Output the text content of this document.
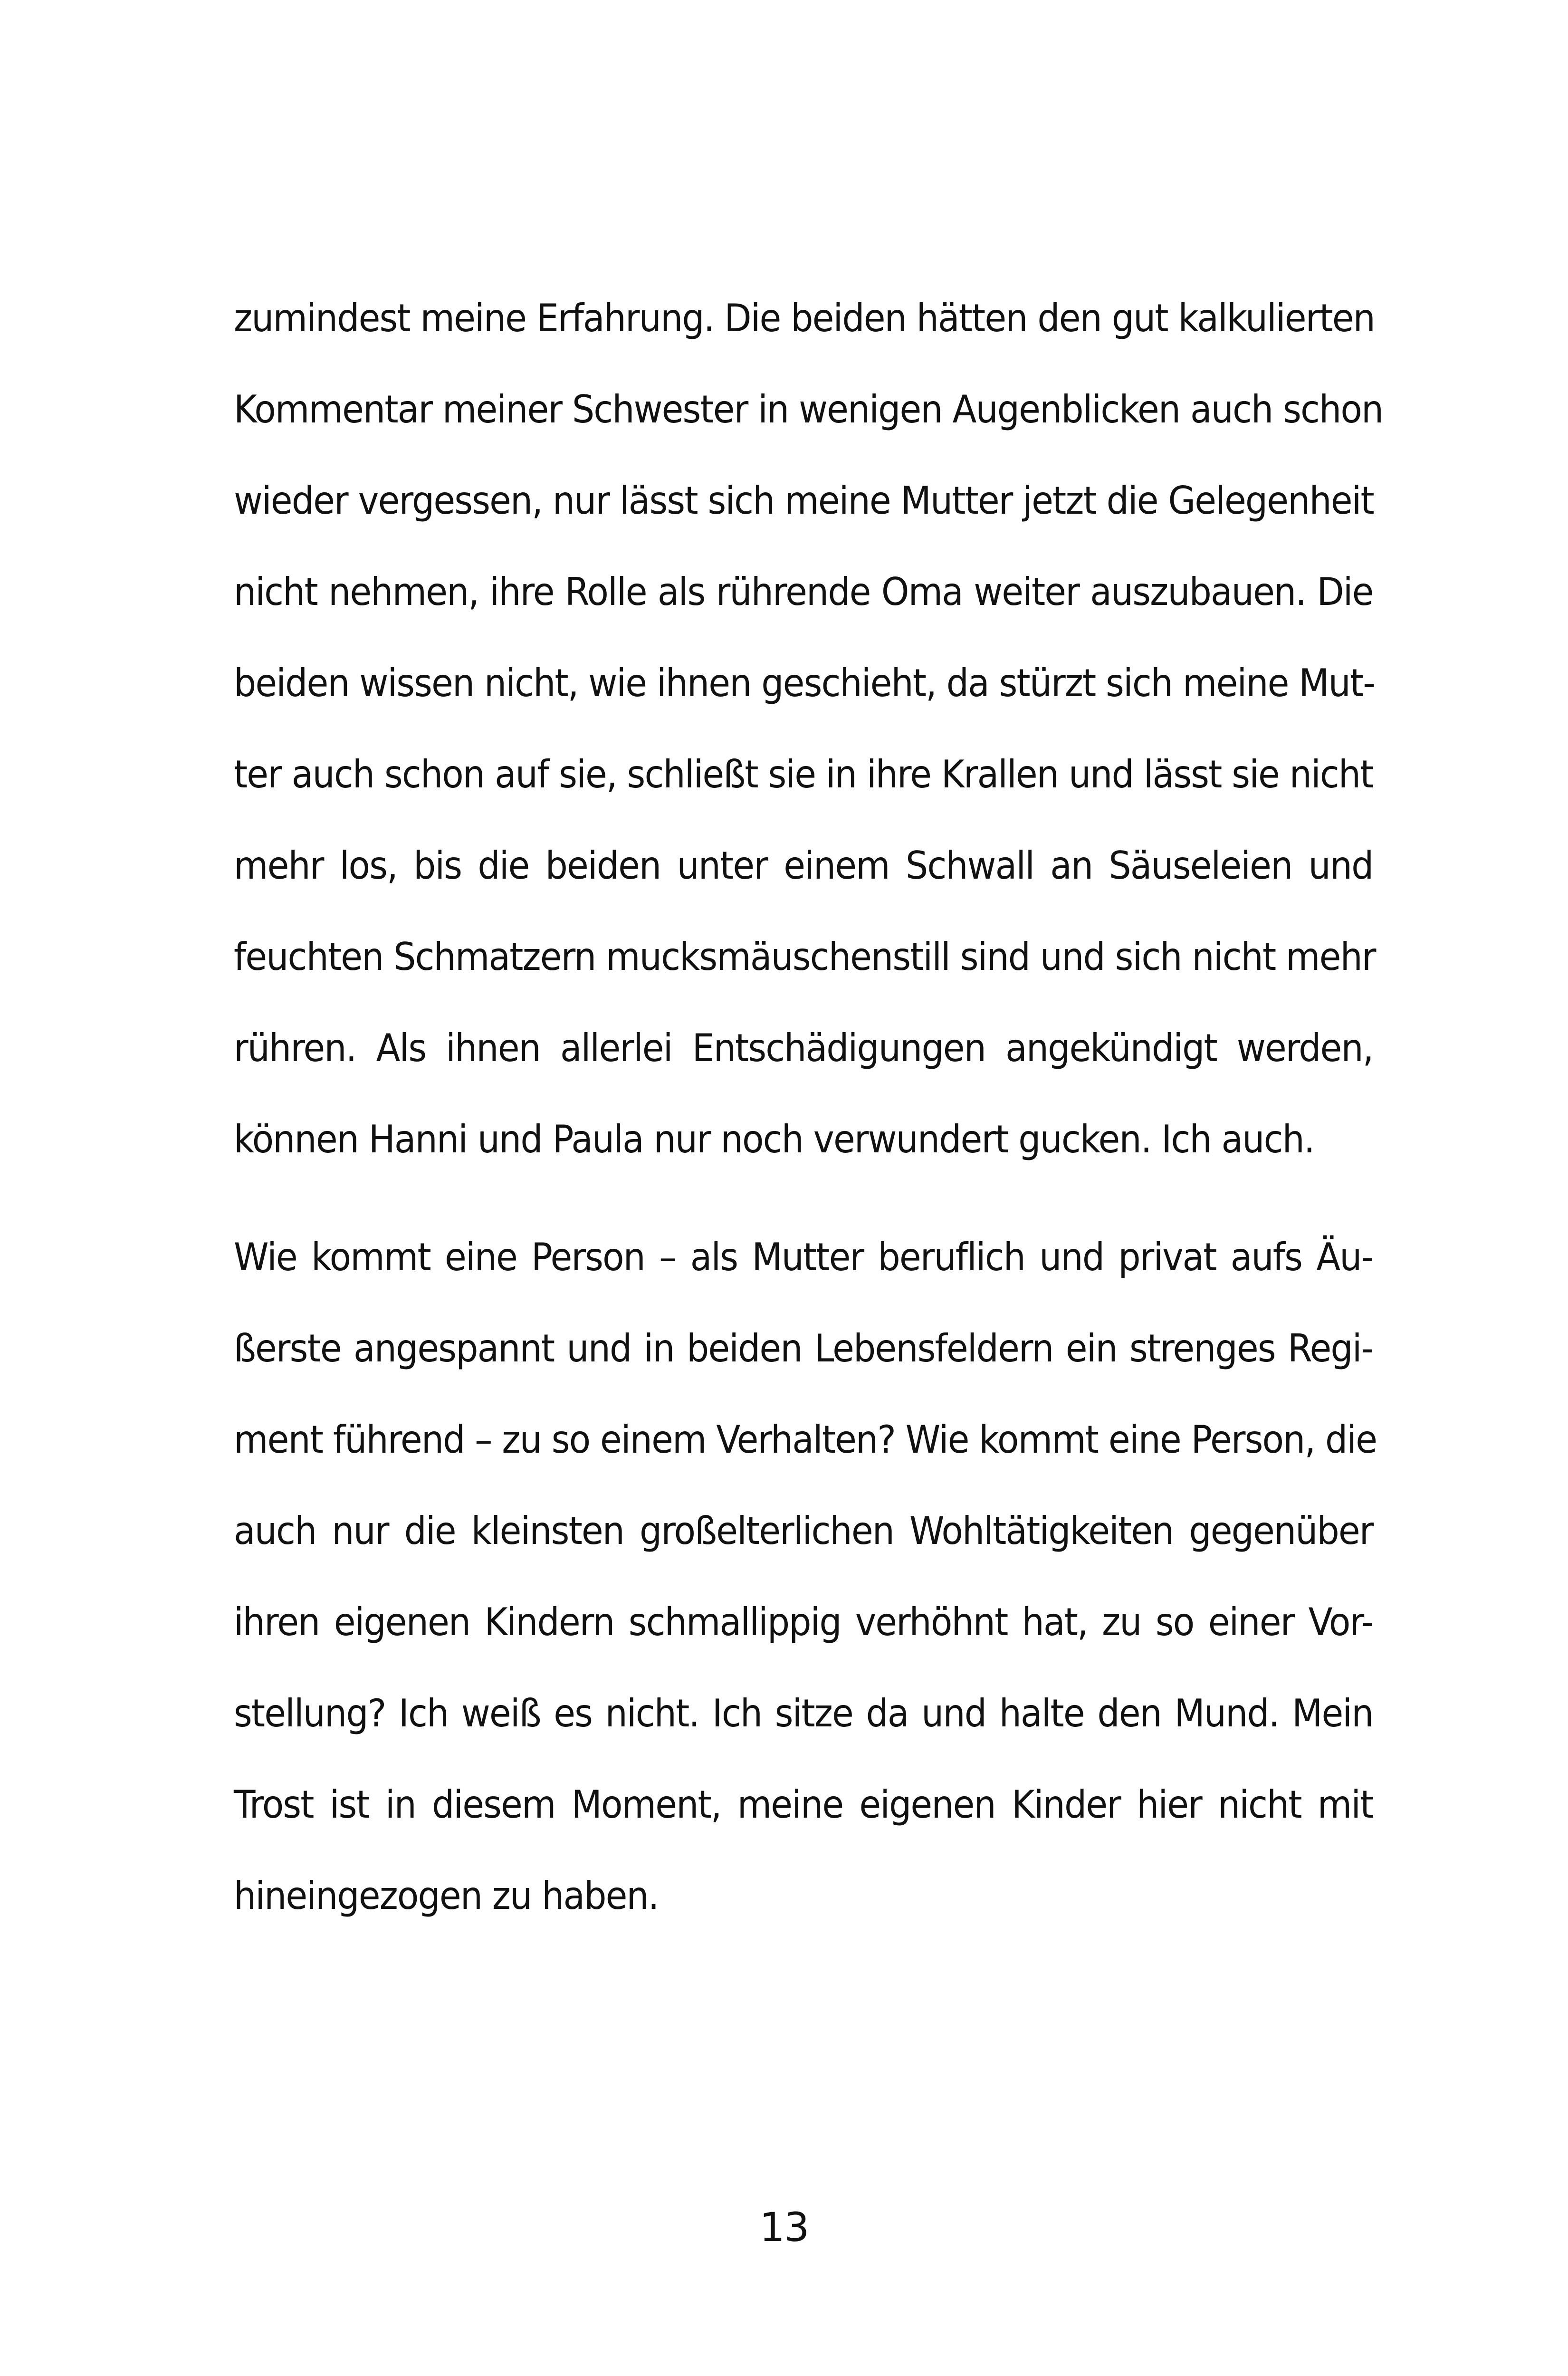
zumindest meine Erfahrung. Die beiden hätten den gut kalkulierten
Kommentar meiner Schwester in wenigen Augenblicken auch schon
wieder vergessen, nur lässt sich meine Mutter jetzt die Gelegenheit
nicht nehmen, ihre Rolle als rührende Oma weiter auszubauen. Die
beiden wissen nicht, wie ihnen geschieht, da stürzt sich meine Mut-
ter auch schon auf sie, schließt sie in ihre Krallen und lässt sie nicht
mehr los, bis die beiden unter einem Schwall an Säuseleien und
feuchten Schmatzern mucksmäuschenstill sind und sich nicht mehr
rühren. Als ihnen allerlei Entschädigungen angekündigt werden,
können Hanni und Paula nur noch verwundert gucken. Ich auch.
Wie kommt eine Person – als Mutter beruflich und privat aufs Äu-
ßerste angespannt und in beiden Lebensfeldern ein strenges Regi-
ment führend – zu so einem Verhalten? Wie kommt eine Person, die
auch nur die kleinsten großelterlichen Wohltätigkeiten gegenüber
ihren eigenen Kindern schmallippig verhöhnt hat, zu so einer Vor-
stellung? Ich weiß es nicht. Ich sitze da und halte den Mund. Mein
Trost ist in diesem Moment, meine eigenen Kinder hier nicht mit
hineingezogen zu haben.
13
